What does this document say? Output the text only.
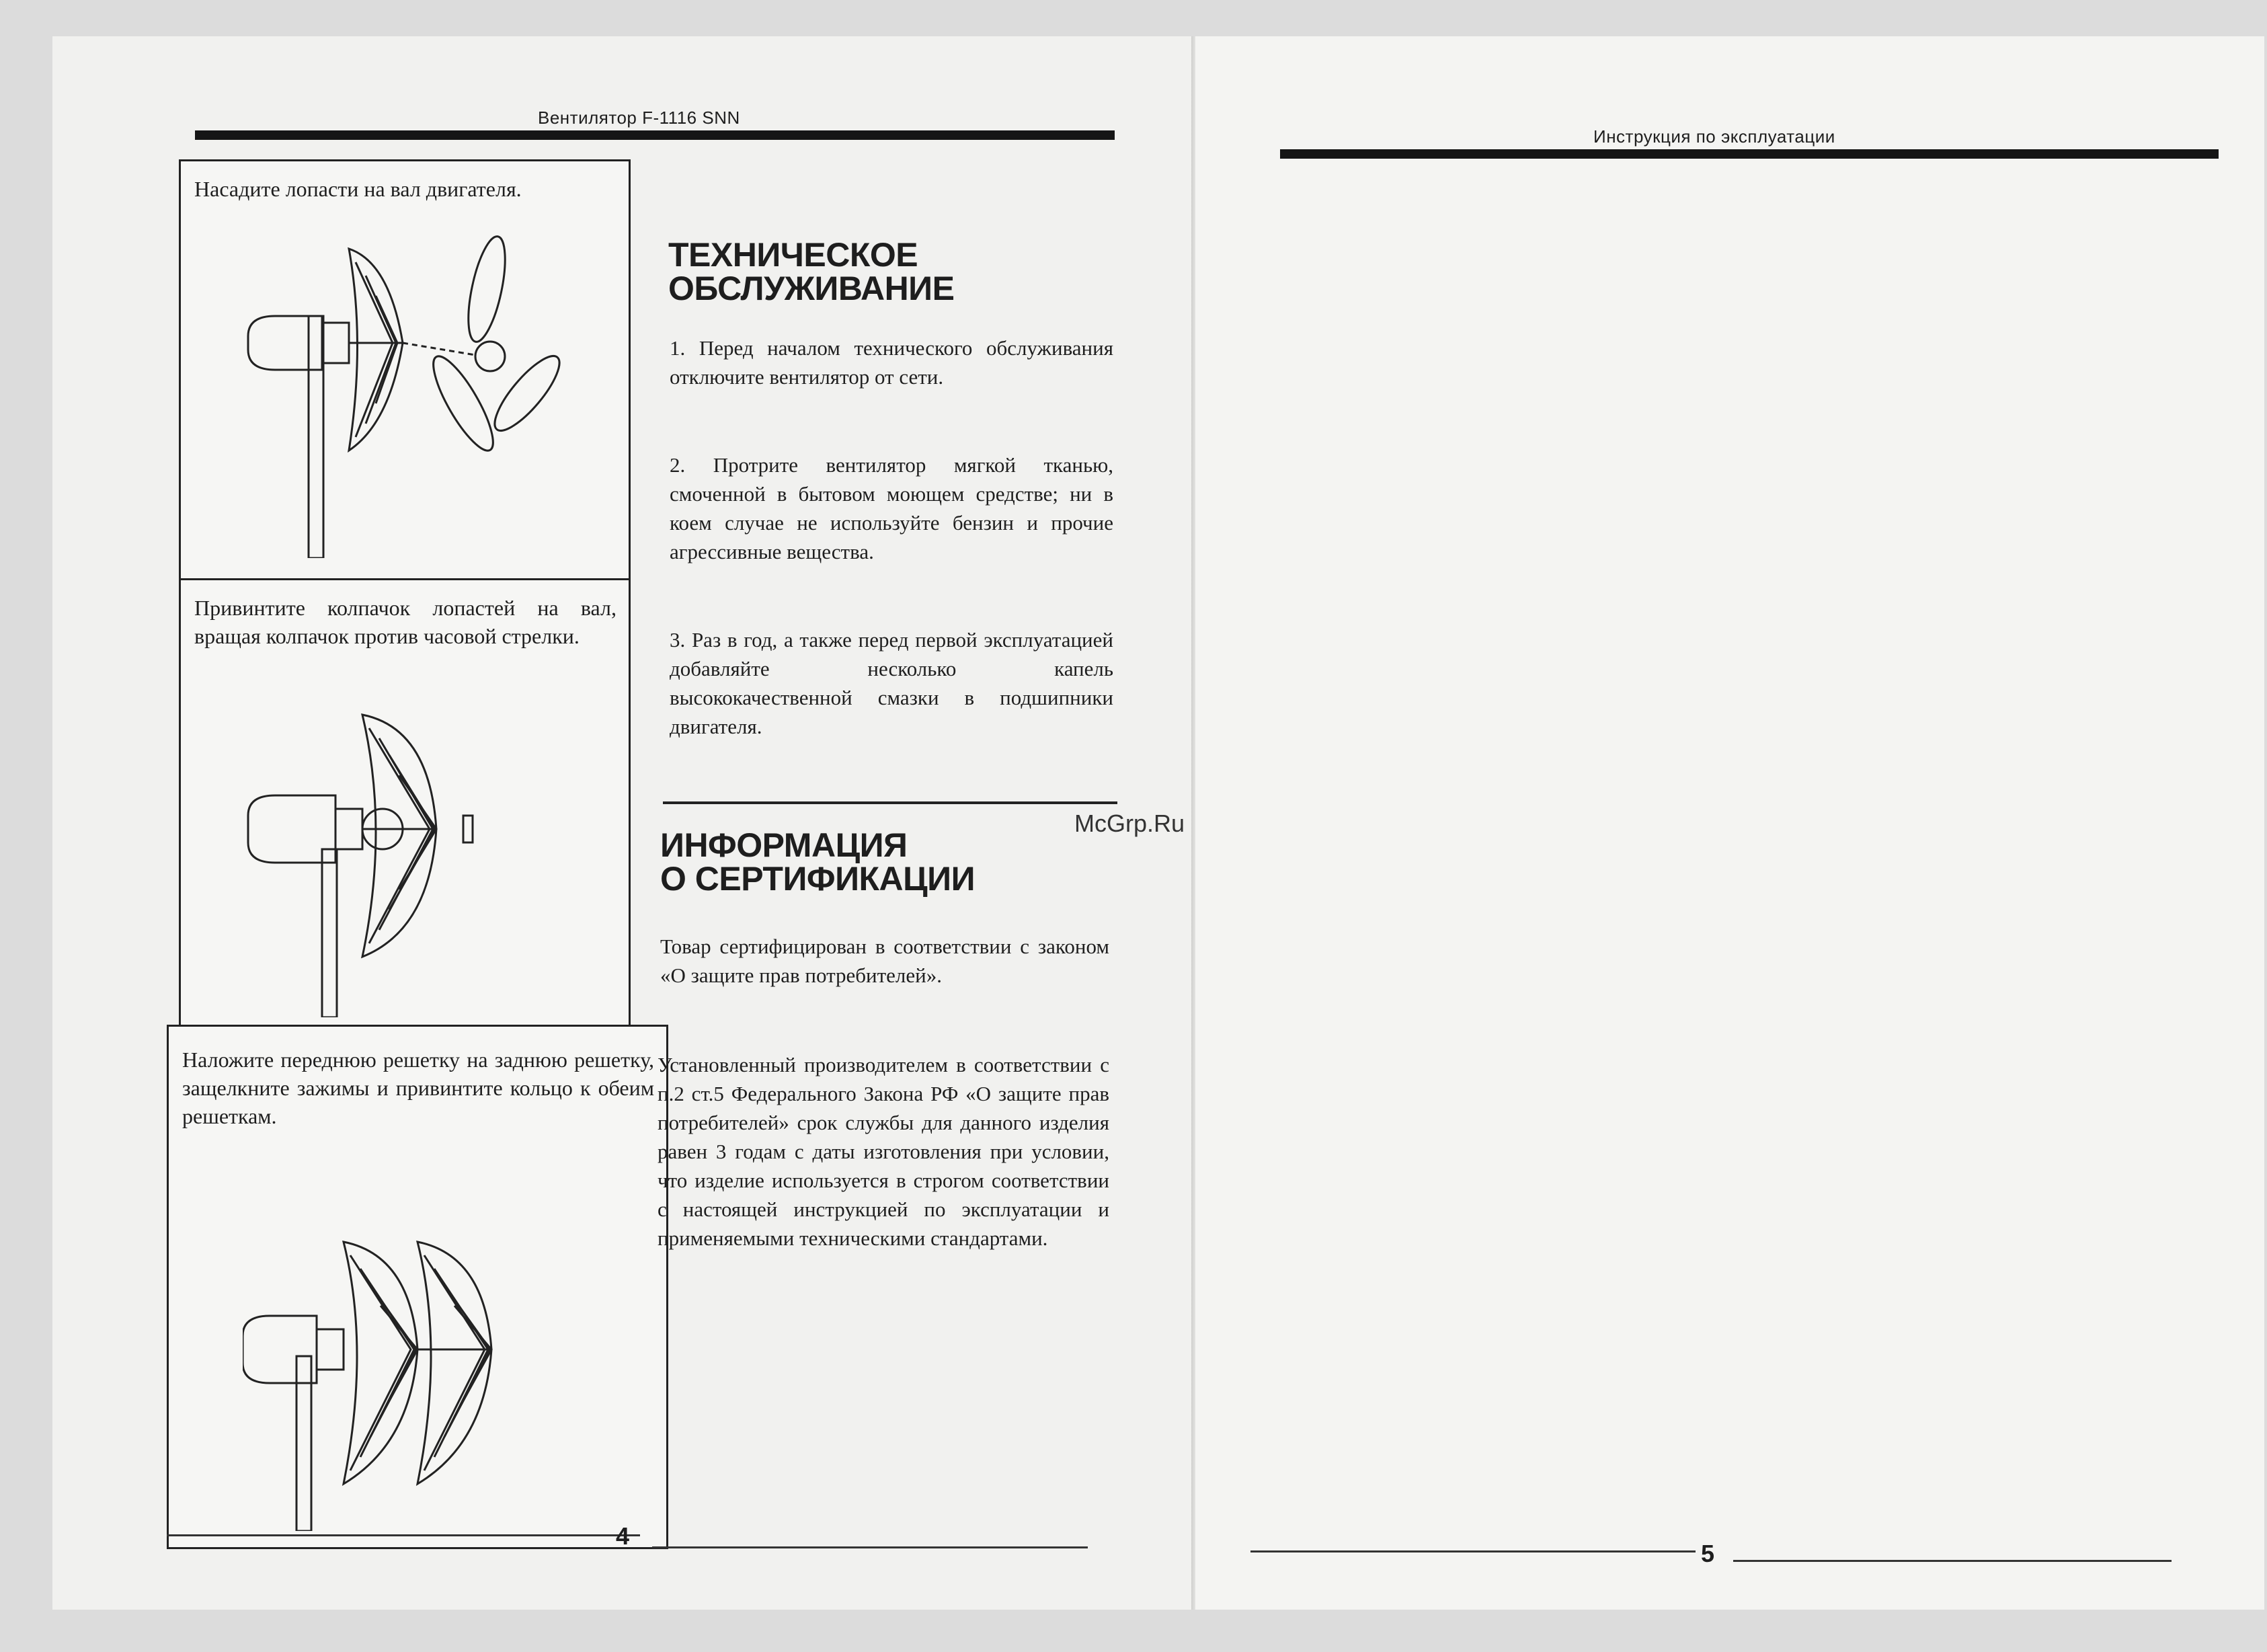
Вентилятор F-1116 SNN
Насадите лопасти на вал двигателя.
Привинтите колпачок лопастей на вал, вращая колпачок против часовой стрелки.
Наложите переднюю решетку на заднюю решетку, защелкните зажимы и привинтите кольцо к обеим решеткам.
ТЕХНИЧЕСКОЕ
ОБСЛУЖИВАНИЕ
1. Перед началом технического обслуживания отключите вентилятор от сети.
2. Протрите вентилятор мягкой тканью, смоченной в бытовом моющем средстве; ни в коем случае не используйте бензин и прочие агрессивные вещества.
3. Раз в год, а также перед первой эксплуатацией добавляйте несколько капель высококачественной смазки в подшипники двигателя.
ИНФОРМАЦИЯ
О СЕРТИФИКАЦИИ
Товар сертифицирован в соответствии с законом «О защите прав потребителей».
Установленный производителем в соответствии с п.2 ст.5 Федерального Закона РФ «О защите прав потребителей» срок службы для данного изделия равен 3 годам с даты изготовления при условии, что изделие используется в строгом соответствии с настоящей инструкцией по эксплуатации и применяемыми техническими стандартами.
4
Инструкция по эксплуатации
5
McGrp.Ru
